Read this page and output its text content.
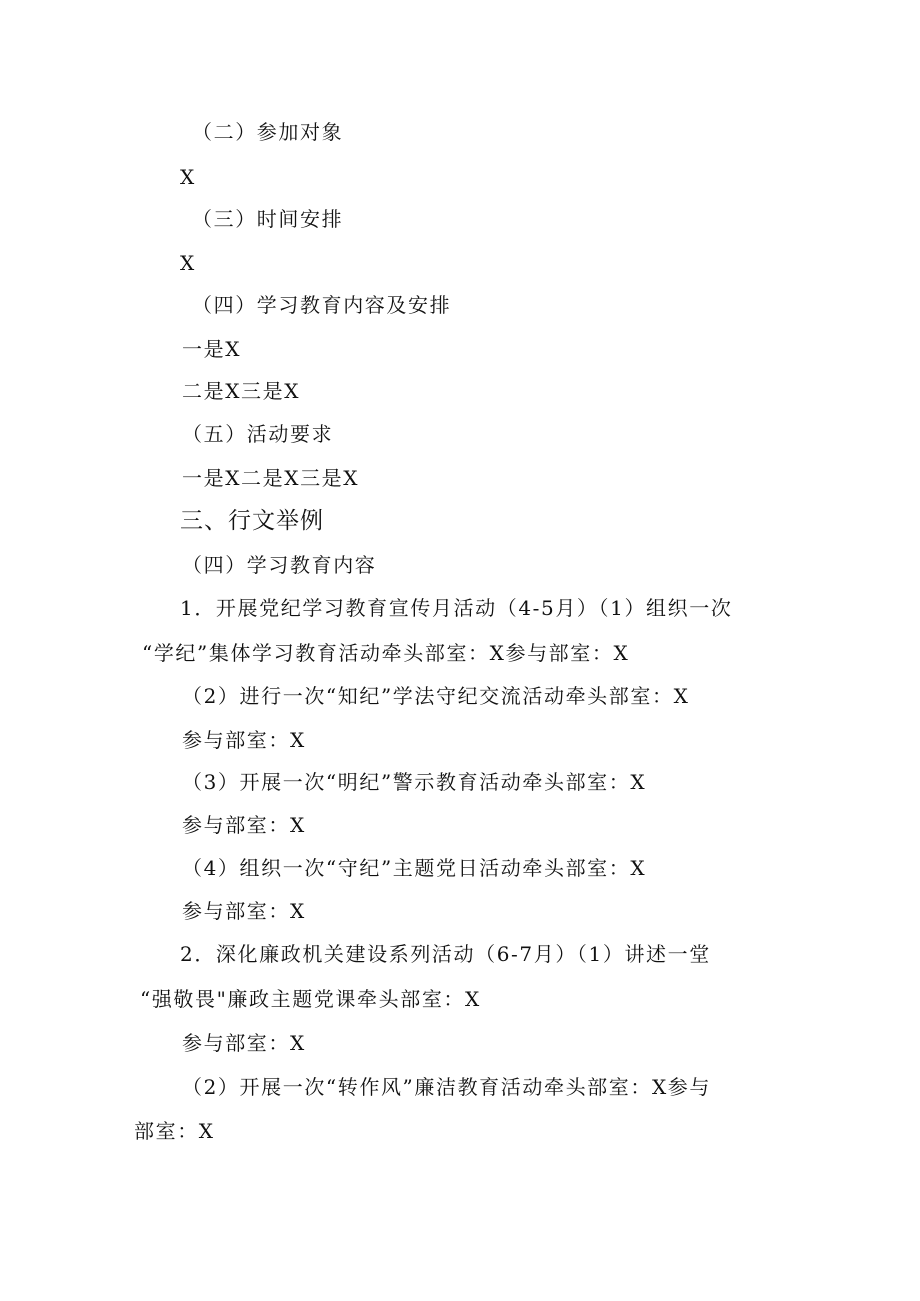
（二）参加对象
X
（三）时间安排
X
（四）学习教育内容及安排
一是X
二是X三是X
（五）活动要求
一是X二是X三是X
三、行文举例
（四）学习教育内容
1．开展党纪学习教育宣传月活动（4-5月）（1）组织一次
“学纪”集体学习教育活动牵头部室：X参与部室：X
（2）进行一次“知纪”学法守纪交流活动牵头部室：X
参与部室：X
（3）开展一次“明纪”警示教育活动牵头部室：X
参与部室：X
（4）组织一次“守纪”主题党日活动牵头部室：X
参与部室：X
2．深化廉政机关建设系列活动（6-7月）（1）讲述一堂
“强敬畏"廉政主题党课牵头部室：X
参与部室：X
（2）开展一次“转作风”廉洁教育活动牵头部室：X参与
部室：X
